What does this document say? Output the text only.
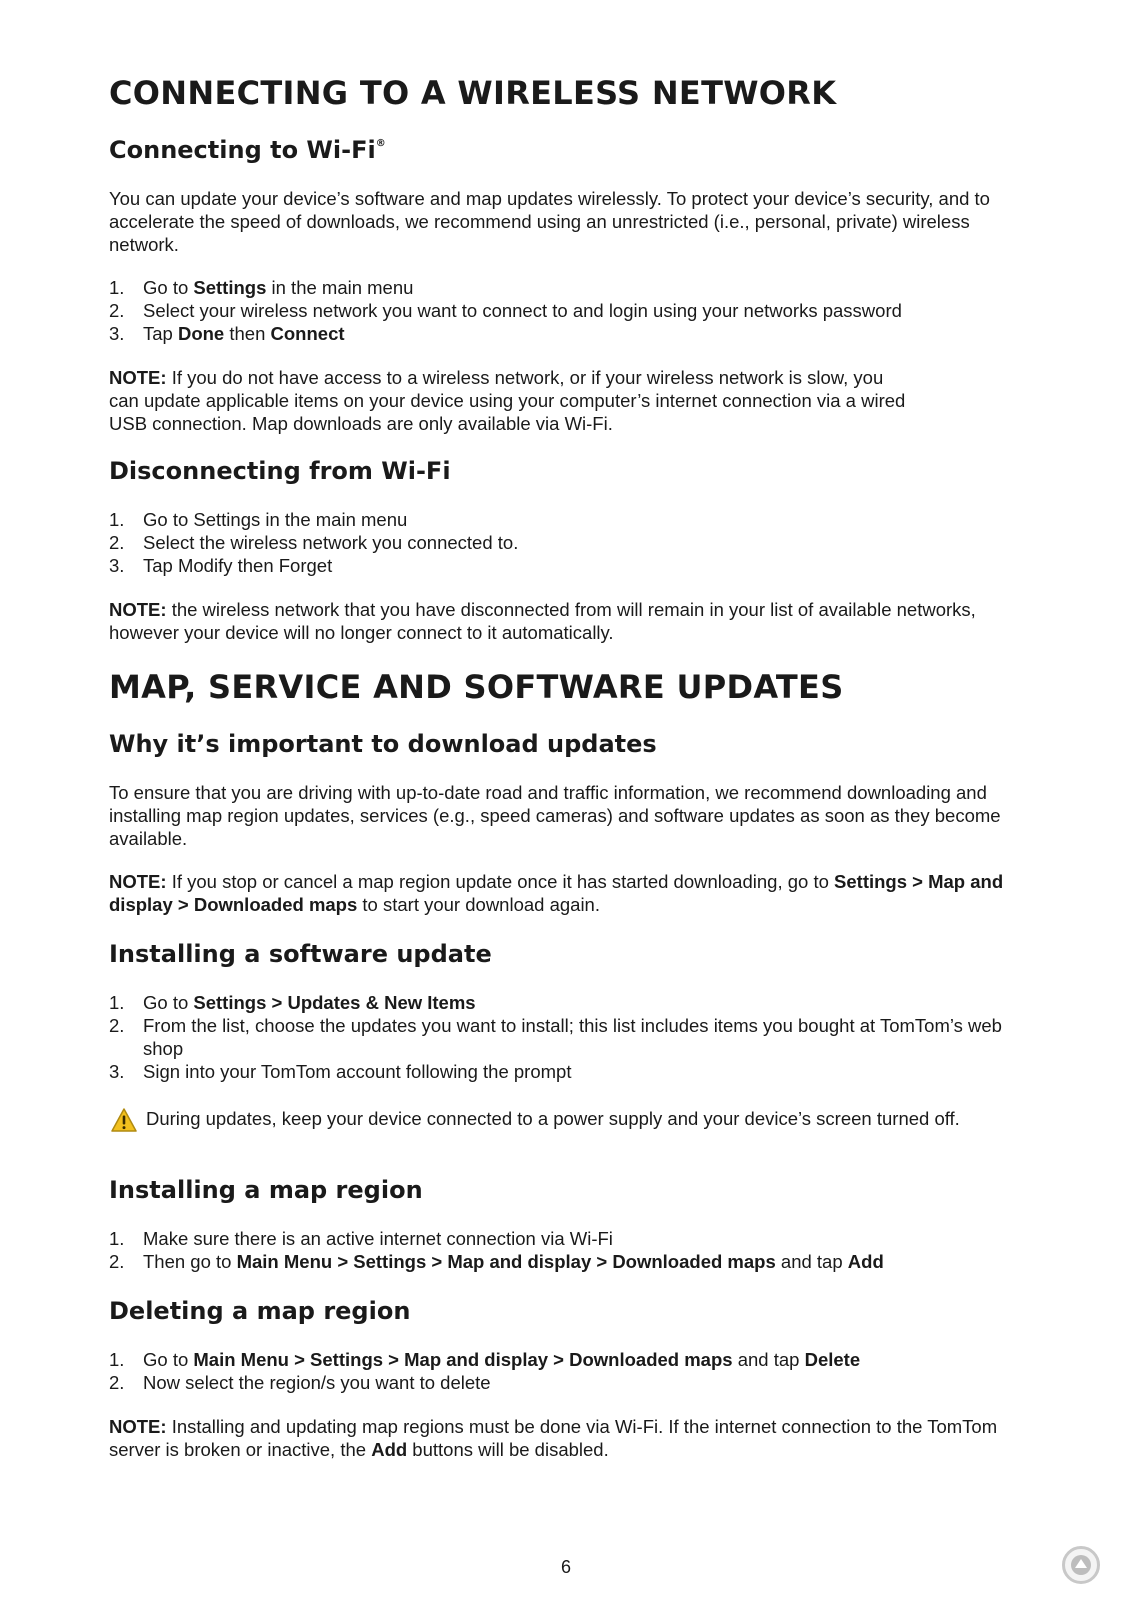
CONNECTING TO A WIRELESS NETWORK
Connecting to Wi-Fi®

You can update your device’s software and map updates wirelessly. To protect your device’s security, and to accelerate the speed of downloads, we recommend using an unrestricted (i.e., personal, private) wireless network.

1. Go to Settings in the main menu
2. Select your wireless network you want to connect to and login using your networks password
3. Tap Done then Connect

NOTE: If you do not have access to a wireless network, or if your wireless network is slow, you can update applicable items on your device using your computer’s internet connection via a wired USB connection. Map downloads are only available via Wi-Fi.

Disconnecting from Wi-Fi
1. Go to Settings in the main menu
2. Select the wireless network you connected to.
3. Tap Modify then Forget

NOTE: the wireless network that you have disconnected from will remain in your list of available networks, however your device will no longer connect to it automatically.

MAP, SERVICE AND SOFTWARE UPDATES
Why it’s important to download updates

To ensure that you are driving with up-to-date road and traffic information, we recommend downloading and installing map region updates, services (e.g., speed cameras) and software updates as soon as they become available.

NOTE: If you stop or cancel a map region update once it has started downloading, go to Settings > Map and display > Downloaded maps to start your download again.

Installing a software update
1. Go to Settings > Updates & New Items
2. From the list, choose the updates you want to install; this list includes items you bought at TomTom’s web shop
3. Sign into your TomTom account following the prompt
During updates, keep your device connected to a power supply and your device’s screen turned off.
Installing a map region
1. Make sure there is an active internet connection via Wi-Fi
2. Then go to Main Menu > Settings > Map and display > Downloaded maps and tap Add
Deleting a map region
1. Go to Main Menu > Settings > Map and display > Downloaded maps and tap Delete
2. Now select the region/s you want to delete

NOTE: Installing and updating map regions must be done via Wi-Fi. If the internet connection to the TomTom server is broken or inactive, the Add buttons will be disabled.

6
